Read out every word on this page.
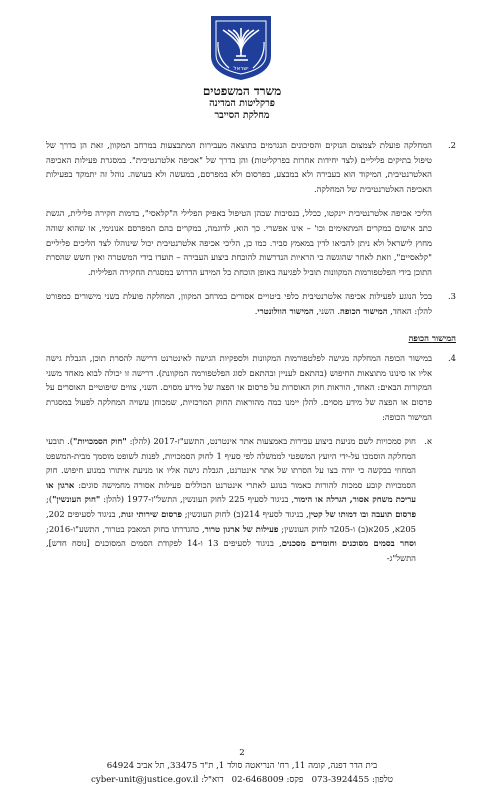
ישראל
משרד המשפטים
פרקליטות המדינה
מחלקת הסייבר
2.
המחלקה פועלת לצמצום הנזקים והסיכונים הנגרמים כתוצאה מעבירות המתבצעות במרחב המקוון, זאת הן בדרך של טיפול בתיקים פליליים (לצד יחידות אחרות בפרקליטות) והן בדרך של "אכיפה אלטרנטיבית". במסגרת פעילות האכיפה האלטרנטיבית, המיקוד הוא בעבירה ולא במבצע, בפרסום ולא במפרסם, במעשה ולא בעושה. נוהל זה יתמקד בפעילות האכיפה האלטרנטיבית של המחלקה.
הליכי אכיפה אלטרנטיבית יינקטו, ככלל, בנסיבות שבהן הטיפול באפיק הפלילי ה"קלאסי", בדמות חקירה פלילית, הגשת כתב אישום במקרים המתאימים וכו' – אינו אפשרי. כך הוא, לדוגמה, במקרים בהם המפרסם אנונימי, או שהוא שוהה מחוץ לישראל ולא ניתן להביאו לדין במאמץ סביר. כמו כן, הליכי אכיפה אלטרנטיבית יכול שינוהלו לצד הליכים פליליים "קלאסיים", וזאת לאחר שהוגשה כי הראיות הנדרשות להוכחת ביצוע העבירה – תועדו בידי המשטרה ואין חשש שהסרת התוכן בידי הפלטפורמות המקוונות תוביל לפגיעה באופן הוכחת כל המידע הדרוש במסגרת החקירה הפלילית.
3.
בכל הנוגע לפעילות אכיפה אלטרנטיבית כלפי ביטויים אסורים במרחב המקוון, המחלקה פועלת בשני מישורים כמפורט להלן: האחד, המישור הכופה. השני, המישור הוולונטרי.
המישור הכופה
4.
במישור הכופה המחלקה מגישה לפלטפורמות המקוונות ולספקיות הגישה לאינטרנט דרישה להסרת תוכן, הגבלת גישה אליו או סינונו מתוצאות החיפוש (בהתאם לעניין ובהתאם לסוג הפלטפורמה המקוונת). דרישה זו יכולה לבוא מאחד משני המקורות הבאים: האחד, הוראות חוק האוסרות על פרסום או הפצה של מידע מסוים. השני, צווים שיפוטיים האוסרים על פרסום או הפצה של מידע מסוים. להלן יימנו כמה מהוראות החוק המרכזיות, שמכוחן עשויה המחלקה לפעול במסגרת המישור הכופה:
א.
חוק סמכויות לשם מניעת ביצוע עבירות באמצעות אתר אינטרנט, התשע"ז-2017 (להלן: "חוק הסמכויות"). תובעי המחלקה הוסמכו על-ידי היועץ המשפטי לממשלה לפי סעיף 1 לחוק הסמכויות, לפנות לשופט מוסמך מבית-המשפט המחוזי בבקשה כי יורה בצו על הסרתו של אתר אינטרנט, הגבלת גישה אליו או מניעת איתורו במנוע חיפוש. חוק הסמכויות קובע סמכות להורות כאמור בנוגע לאתרי אינטרנט הכוללים פעילות אסורה מחמישה סוגים: ארגון או עריכת משחק אסור, הגרלה או הימור, בניגוד לסעיף 225 לחוק העונשין, התשל"ז-1977 (להלן: "חוק העונשין"); פרסום תועבה ובו דמותו של קטין, בניגוד לסעיף 214(ב) לחוק העונשין; פרסום שירותי זנות, בניגוד לסעיפים 202, 205א, 205א(ב) ו-205ד לחוק העונשין; פעילות של ארגון טרור, כהגדרתו בחוק המאבק בטרור, התשע"ו-2016; וסחר בסמים מסוכנים וחומרים מסכנים, בניגוד לסעיפים 13 ו-14 לפקודת הסמים המסוכנים [נוסח חדש], התשל"ג-
2
בית הדר דפנה, קומה 11, רח' הנריאטה סולד 1, ת"ד 33475, תל אביב 64924
טלפון: 073-3924455   פקס: 02-6468009   דוא"ל: cyber-unit@justice.gov.il
